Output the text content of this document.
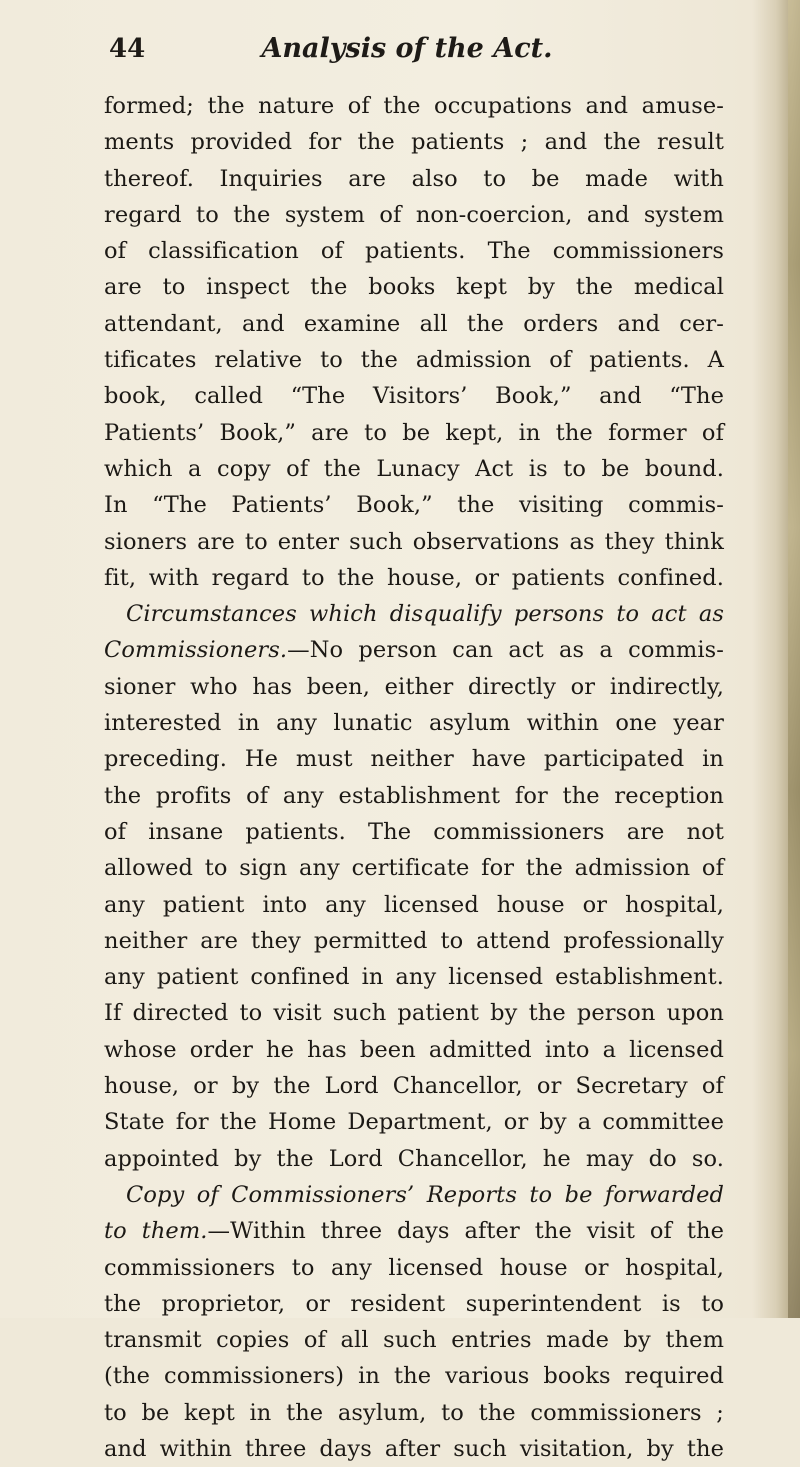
44	Analysis of the Act.
formed; the nature of the occupations and amuse-
ments provided for the patients ; and the result
thereof. Inquiries are also to be made with
regard to the system of non-coercion, and system
of classification of patients. The commissioners
are to inspect the books kept by the medical
attendant, and examine all the orders and cer-
tificates relative to the admission of patients. A
book, called “The Visitors’ Book,” and “The
Patients’ Book,” are to be kept, in the former of
which a copy of the Lunacy Act is to be bound.
In “The Patients’ Book,” the visiting commis-
sioners are to enter such observations as they think
fit, with regard to the house, or patients confined.
Circumstances which disqualify persons to act as
Commissioners.—No person can act as a commis-
sioner who has been, either directly or indirectly,
interested in any lunatic asylum within one year
preceding. He must neither have participated in
the profits of any establishment for the reception
of insane patients. The commissioners are not
allowed to sign any certificate for the admission of
any patient into any licensed house or hospital,
neither are they permitted to attend professionally
any patient confined in any licensed establishment.
If directed to visit such patient by the person upon
whose order he has been admitted into a licensed
house, or by the Lord Chancellor, or Secretary of
State for the Home Department, or by a committee
appointed by the Lord Chancellor, he may do so.
Copy of Commissioners’ Reports to be forwarded
to them.—Within three days after the visit of the
commissioners to any licensed house or hospital,
the proprietor, or resident superintendent is to
transmit copies of all such entries made by them
(the commissioners) in the various books required
to be kept in the asylum, to the commissioners ;
and within three days after such visitation, by the
